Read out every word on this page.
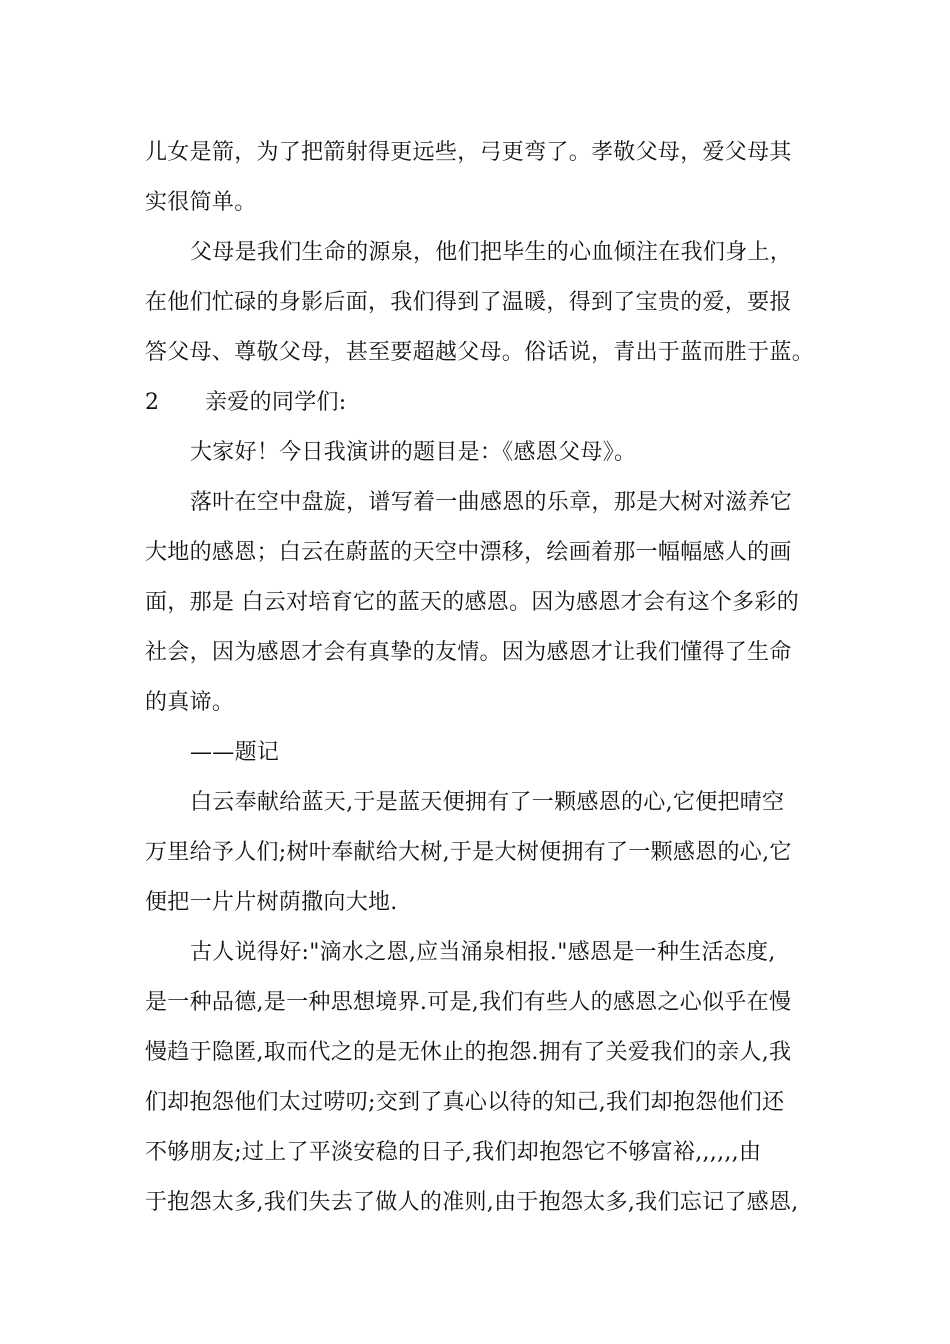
儿女是箭，为了把箭射得更远些，弓更弯了。孝敬父母，爱父母其
实很简单。
父母是我们生命的源泉，他们把毕生的心血倾注在我们身上，
在他们忙碌的身影后面，我们得到了温暖，得到了宝贵的爱，要报
答父母、尊敬父母，甚至要超越父母。俗话说，青出于蓝而胜于蓝。
2 亲爱的同学们:
大家好！今日我演讲的题目是：《感恩父母》。
落叶在空中盘旋，谱写着一曲感恩的乐章，那是大树对滋养它
大地的感恩；白云在蔚蓝的天空中漂移，绘画着那一幅幅感人的画
面，那是 白云对培育它的蓝天的感恩。因为感恩才会有这个多彩的
社会，因为感恩才会有真挚的友情。因为感恩才让我们懂得了生命
的真谛。
——题记
白云奉献给蓝天,于是蓝天便拥有了一颗感恩的心,它便把晴空
万里给予人们;树叶奉献给大树,于是大树便拥有了一颗感恩的心,它
便把一片片树荫撒向大地.
古人说得好:"滴水之恩,应当涌泉相报."感恩是一种生活态度,
是一种品德,是一种思想境界.可是,我们有些人的感恩之心似乎在慢
慢趋于隐匿,取而代之的是无休止的抱怨.拥有了关爱我们的亲人,我
们却抱怨他们太过唠叨;交到了真心以待的知己,我们却抱怨他们还
不够朋友;过上了平淡安稳的日子,我们却抱怨它不够富裕,,,,,,由
于抱怨太多,我们失去了做人的准则,由于抱怨太多,我们忘记了感恩,
